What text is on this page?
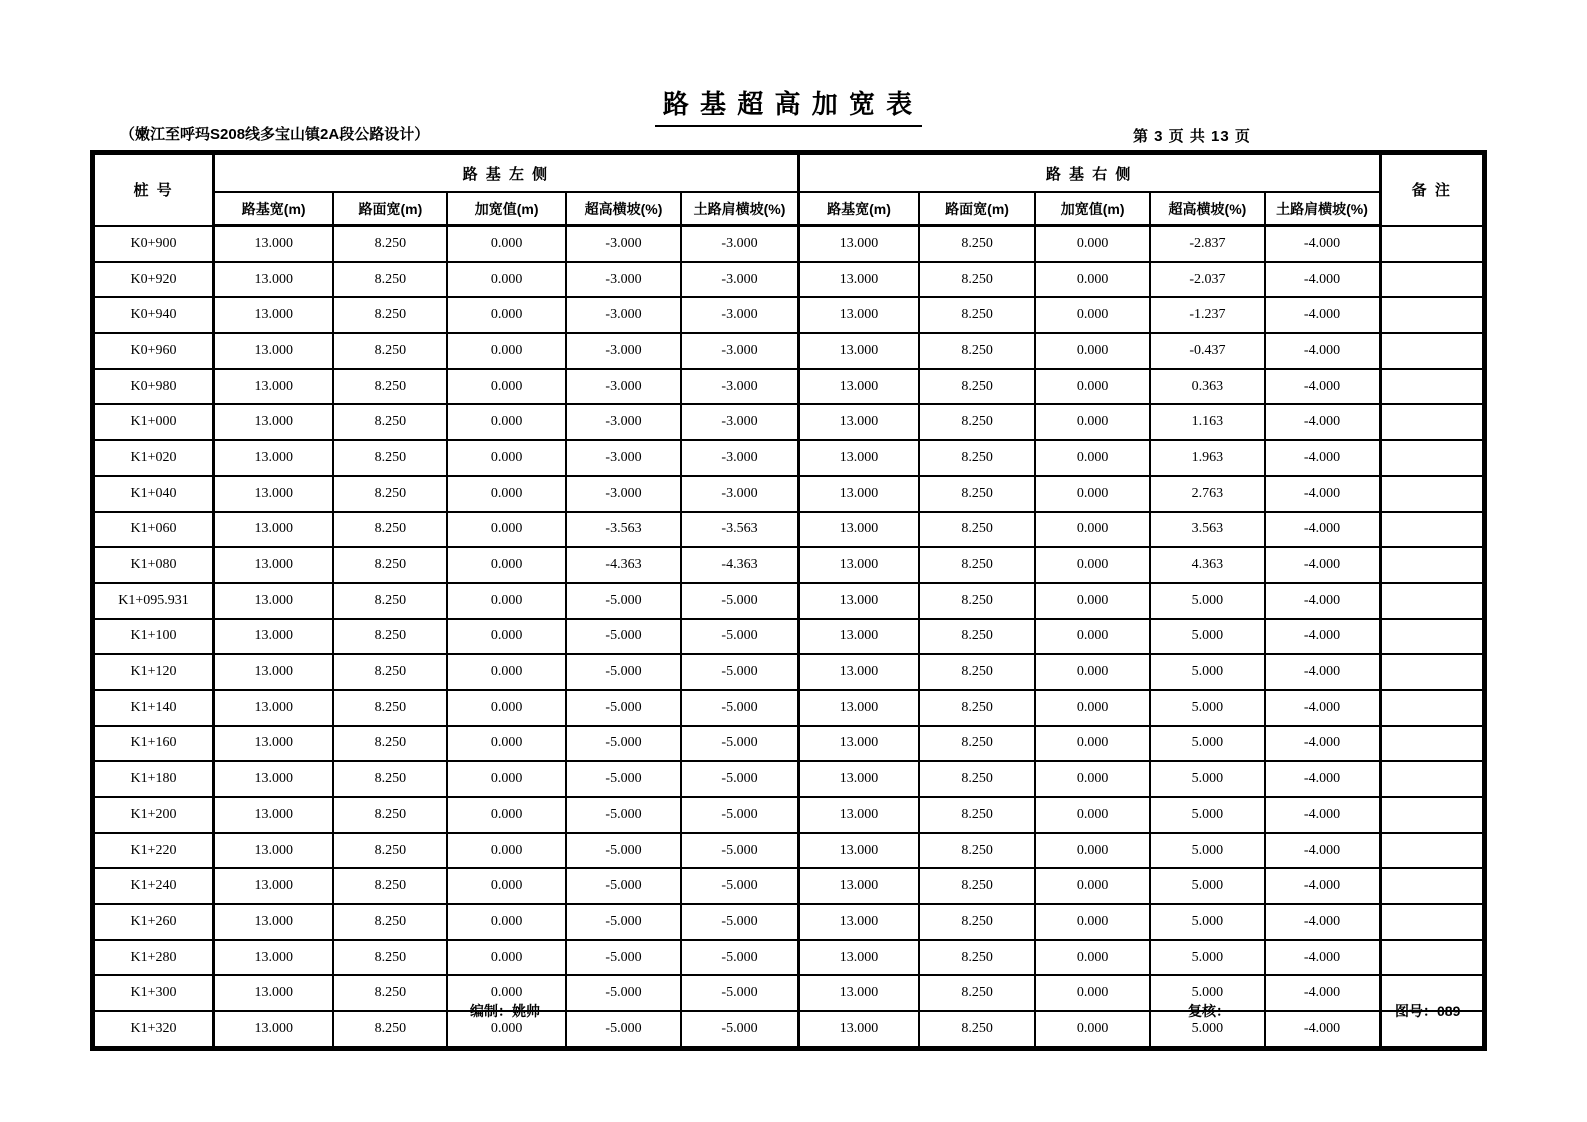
路 基 超 高 加 宽 表
（嫩江至呼玛S208线多宝山镇2A段公路设计）	第 3 页 共 13 页
桩 号	路 基 左 侧					路 基 右 侧					备 注
	路基宽(m)	路面宽(m)	加宽值(m)	超高横坡(%)	土路肩横坡(%)	路基宽(m)	路面宽(m)	加宽值(m)	超高横坡(%)	土路肩横坡(%)	
K0+900	13.000	8.250	0.000	-3.000	-3.000	13.000	8.250	0.000	-2.837	-4.000	
K0+920	13.000	8.250	0.000	-3.000	-3.000	13.000	8.250	0.000	-2.037	-4.000	
K0+940	13.000	8.250	0.000	-3.000	-3.000	13.000	8.250	0.000	-1.237	-4.000	
K0+960	13.000	8.250	0.000	-3.000	-3.000	13.000	8.250	0.000	-0.437	-4.000	
K0+980	13.000	8.250	0.000	-3.000	-3.000	13.000	8.250	0.000	0.363	-4.000	
K1+000	13.000	8.250	0.000	-3.000	-3.000	13.000	8.250	0.000	1.163	-4.000	
K1+020	13.000	8.250	0.000	-3.000	-3.000	13.000	8.250	0.000	1.963	-4.000	
K1+040	13.000	8.250	0.000	-3.000	-3.000	13.000	8.250	0.000	2.763	-4.000	
K1+060	13.000	8.250	0.000	-3.563	-3.563	13.000	8.250	0.000	3.563	-4.000	
K1+080	13.000	8.250	0.000	-4.363	-4.363	13.000	8.250	0.000	4.363	-4.000	
K1+095.931	13.000	8.250	0.000	-5.000	-5.000	13.000	8.250	0.000	5.000	-4.000	
K1+100	13.000	8.250	0.000	-5.000	-5.000	13.000	8.250	0.000	5.000	-4.000	
K1+120	13.000	8.250	0.000	-5.000	-5.000	13.000	8.250	0.000	5.000	-4.000	
K1+140	13.000	8.250	0.000	-5.000	-5.000	13.000	8.250	0.000	5.000	-4.000	
K1+160	13.000	8.250	0.000	-5.000	-5.000	13.000	8.250	0.000	5.000	-4.000	
K1+180	13.000	8.250	0.000	-5.000	-5.000	13.000	8.250	0.000	5.000	-4.000	
K1+200	13.000	8.250	0.000	-5.000	-5.000	13.000	8.250	0.000	5.000	-4.000	
K1+220	13.000	8.250	0.000	-5.000	-5.000	13.000	8.250	0.000	5.000	-4.000	
K1+240	13.000	8.250	0.000	-5.000	-5.000	13.000	8.250	0.000	5.000	-4.000	
K1+260	13.000	8.250	0.000	-5.000	-5.000	13.000	8.250	0.000	5.000	-4.000	
K1+280	13.000	8.250	0.000	-5.000	-5.000	13.000	8.250	0.000	5.000	-4.000	
K1+300	13.000	8.250	0.000	-5.000	-5.000	13.000	8.250	0.000	5.000	-4.000	
K1+320	13.000	8.250	0.000	-5.000	-5.000	13.000	8.250	0.000	5.000	-4.000	
编制：姚帅	复核：	图号：089
